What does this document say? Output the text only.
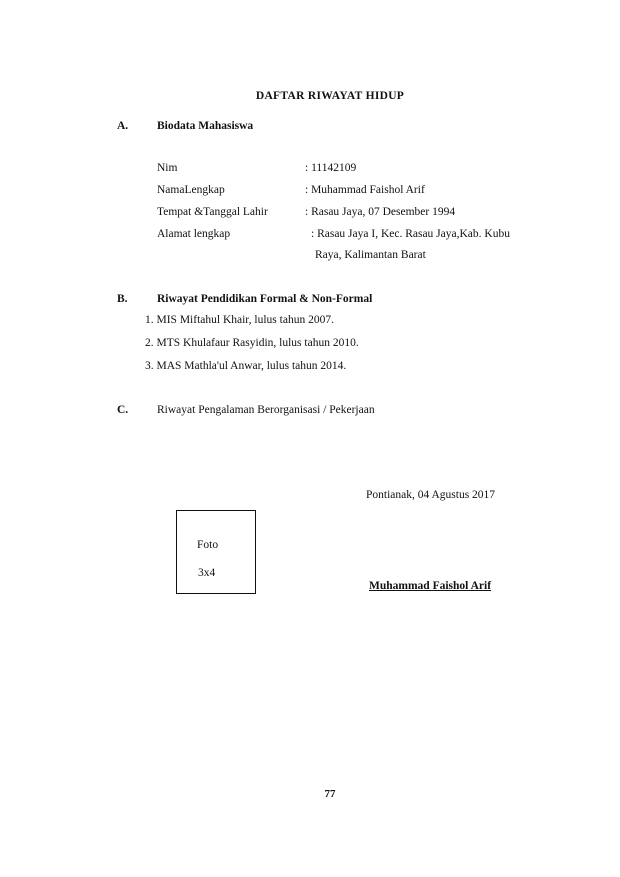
DAFTAR RIWAYAT HIDUP
A.	Biodata Mahasiswa
Nim	: 11142109
NamaLengkap	: Muhammad Faishol Arif
Tempat &Tanggal Lahir	: Rasau Jaya, 07 Desember 1994
Alamat lengkap	: Rasau Jaya I, Kec. Rasau Jaya,Kab. Kubu
Raya, Kalimantan Barat
B.	Riwayat Pendidikan Formal & Non-Formal
1. MIS Miftahul Khair, lulus tahun 2007.
2. MTS Khulafaur Rasyidin, lulus tahun 2010.
3. MAS Mathla'ul Anwar, lulus tahun 2014.
C.	Riwayat Pengalaman Berorganisasi / Pekerjaan
Pontianak, 04 Agustus 2017
Foto
3x4
Muhammad Faishol Arif
77
